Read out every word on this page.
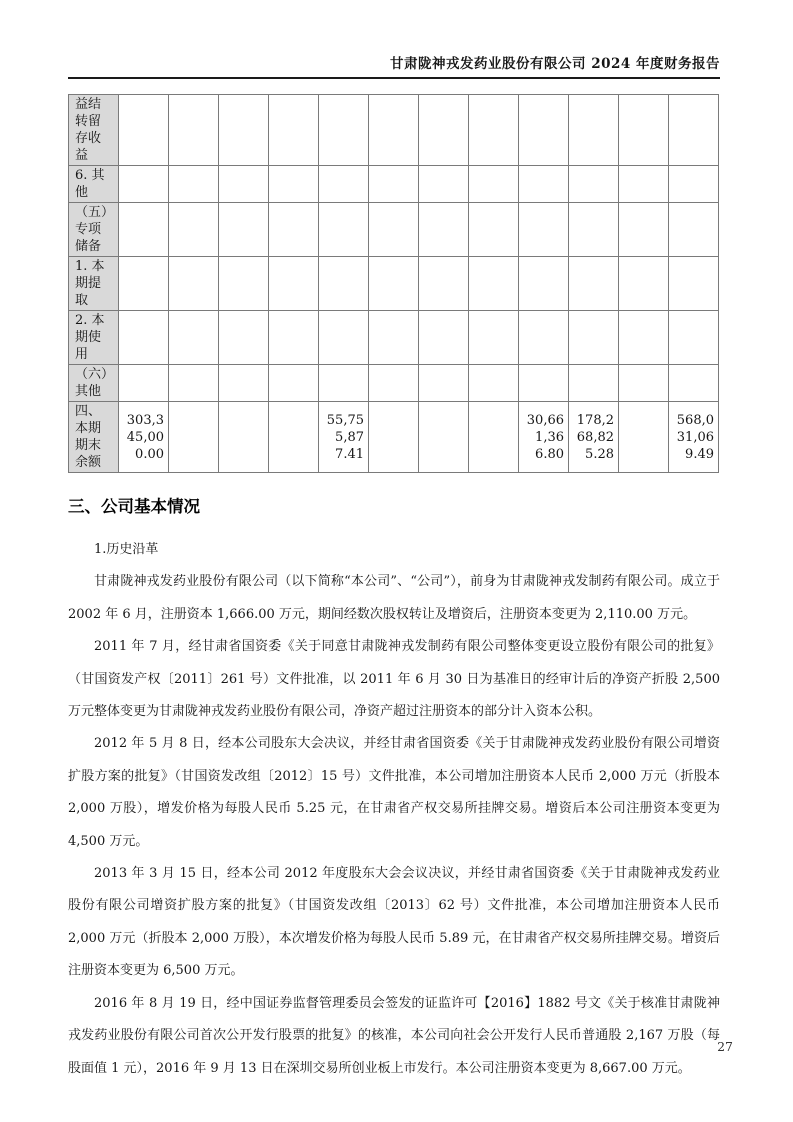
甘肃陇神戎发药业股份有限公司 2024 年度财务报告
益结转留存收益												
6. 其他												
（五）专项储备												
1. 本期提取												
2. 本期使用												
（六）其他												
四、本期期末余额	303,345,000.00				55,755,877.41				30,661,366.80	178,268,825.28		568,031,069.49
三、公司基本情况

1.历史沿革

甘肃陇神戎发药业股份有限公司（以下简称“本公司”、“公司”），前身为甘肃陇神戎发制药有限公司。成立于 2002 年 6 月，注册资本 1,666.00 万元，期间经数次股权转让及增资后，注册资本变更为 2,110.00 万元。

2011 年 7 月，经甘肃省国资委《关于同意甘肃陇神戎发制药有限公司整体变更设立股份有限公司的批复》（甘国资发产权〔2011〕261 号）文件批准，以 2011 年 6 月 30 日为基准日的经审计后的净资产折股 2,500 万元整体变更为甘肃陇神戎发药业股份有限公司，净资产超过注册资本的部分计入资本公积。

2012 年 5 月 8 日，经本公司股东大会决议，并经甘肃省国资委《关于甘肃陇神戎发药业股份有限公司增资扩股方案的批复》（甘国资发改组〔2012〕15 号）文件批准，本公司增加注册资本人民币 2,000 万元（折股本 2,000 万股），增发价格为每股人民币 5.25 元，在甘肃省产权交易所挂牌交易。增资后本公司注册资本变更为 4,500 万元。

2013 年 3 月 15 日，经本公司 2012 年度股东大会会议决议，并经甘肃省国资委《关于甘肃陇神戎发药业股份有限公司增资扩股方案的批复》（甘国资发改组〔2013〕62 号）文件批准，本公司增加注册资本人民币 2,000 万元（折股本 2,000 万股），本次增发价格为每股人民币 5.89 元，在甘肃省产权交易所挂牌交易。增资后注册资本变更为 6,500 万元。

2016 年 8 月 19 日，经中国证券监督管理委员会签发的证监许可【2016】1882 号文《关于核准甘肃陇神戎发药业股份有限公司首次公开发行股票的批复》的核准，本公司向社会公开发行人民币普通股 2,167 万股（每股面值 1 元），2016 年 9 月 13 日在深圳交易所创业板上市发行。本公司注册资本变更为 8,667.00 万元。

27
